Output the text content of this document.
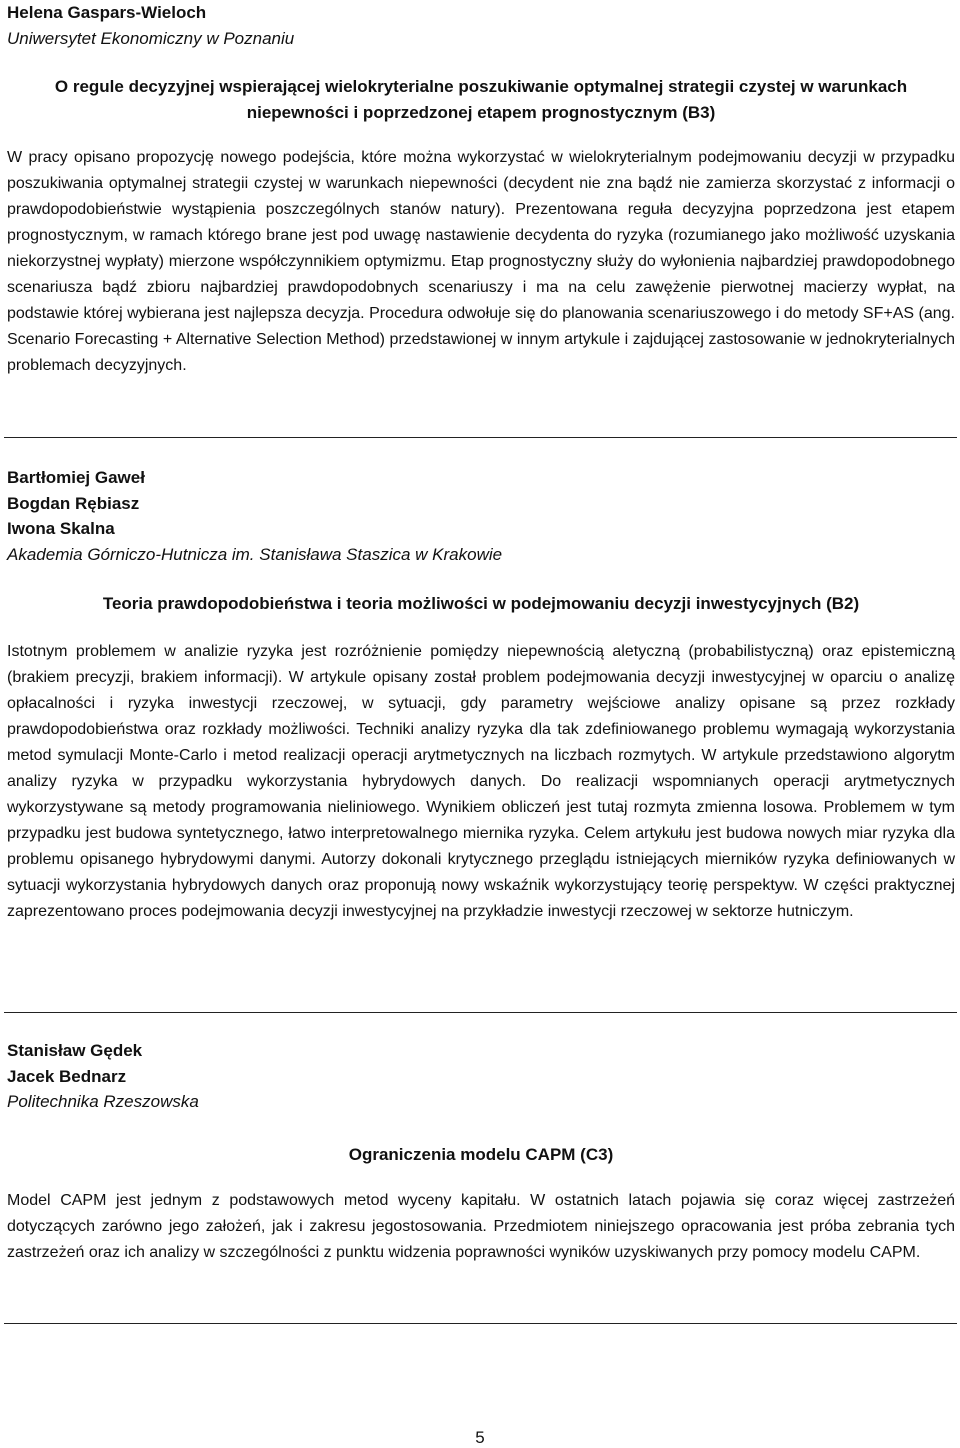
Helena Gaspars-Wieloch

Uniwersytet Ekonomiczny w Poznaniu

O regule decyzyjnej wspierającej wielokryterialne poszukiwanie optymalnej strategii czystej w warunkach niepewności i poprzedzonej etapem prognostycznym (B3)

W pracy opisano propozycję nowego podejścia, które można wykorzystać w wielokryterialnym podejmowaniu decyzji w przypadku poszukiwania optymalnej strategii czystej w warunkach niepewności (decydent nie zna bądź nie zamierza skorzystać z informacji o prawdopodobieństwie wystąpienia poszczególnych stanów natury). Prezentowana reguła decyzyjna poprzedzona jest etapem prognostycznym, w ramach którego brane jest pod uwagę nastawienie decydenta do ryzyka (rozumianego jako możliwość uzyskania niekorzystnej wypłaty) mierzone współczynnikiem optymizmu. Etap prognostyczny służy do wyłonienia najbardziej prawdopodobnego scenariusza bądź zbioru najbardziej prawdopodobnych scenariuszy i ma na celu zawężenie pierwotnej macierzy wypłat, na podstawie której wybierana jest najlepsza decyzja. Procedura odwołuje się do planowania scenariuszowego i do metody SF+AS (ang. Scenario Forecasting + Alternative Selection Method) przedstawionej w innym artykule i zajdującej zastosowanie w jednokryterialnych problemach decyzyjnych.

Bartłomiej Gaweł

Bogdan Rębiasz

Iwona Skalna

Akademia Górniczo-Hutnicza im. Stanisława Staszica w Krakowie

Teoria prawdopodobieństwa i teoria możliwości w podejmowaniu decyzji inwestycyjnych (B2)

Istotnym problemem w analizie ryzyka jest rozróżnienie pomiędzy niepewnością aletyczną (probabilistyczną) oraz epistemiczną (brakiem precyzji, brakiem informacji). W artykule opisany został problem podejmowania decyzji inwestycyjnej w oparciu o analizę opłacalności i ryzyka inwestycji rzeczowej, w sytuacji, gdy parametry wejściowe analizy opisane są przez rozkłady prawdopodobieństwa oraz rozkłady możliwości. Techniki analizy ryzyka dla tak zdefiniowanego problemu wymagają wykorzystania metod symulacji Monte-Carlo i metod realizacji operacji arytmetycznych na liczbach rozmytych. W artykule przedstawiono algorytm analizy ryzyka w przypadku wykorzystania hybrydowych danych. Do realizacji wspomnianych operacji arytmetycznych wykorzystywane są metody programowania nieliniowego. Wynikiem obliczeń jest tutaj rozmyta zmienna losowa. Problemem w tym przypadku jest budowa syntetycznego, łatwo interpretowalnego miernika ryzyka. Celem artykułu jest budowa nowych miar ryzyka dla problemu opisanego hybrydowymi danymi. Autorzy dokonali krytycznego przeglądu istniejących mierników ryzyka definiowanych w sytuacji wykorzystania hybrydowych danych oraz proponują nowy wskaźnik wykorzystujący teorię perspektyw. W części praktycznej zaprezentowano proces podejmowania decyzji inwestycyjnej na przykładzie inwestycji rzeczowej w sektorze hutniczym.

Stanisław Gędek

Jacek Bednarz

Politechnika Rzeszowska

Ograniczenia modelu CAPM (C3)

Model CAPM jest jednym z podstawowych metod wyceny kapitału. W ostatnich latach pojawia się coraz więcej zastrzeżeń dotyczących zarówno jego założeń, jak i zakresu jegostosowania. Przedmiotem niniejszego opracowania jest próba zebrania tych zastrzeżeń oraz ich analizy w szczególności z punktu widzenia poprawności wyników uzyskiwanych przy pomocy modelu CAPM.

5
